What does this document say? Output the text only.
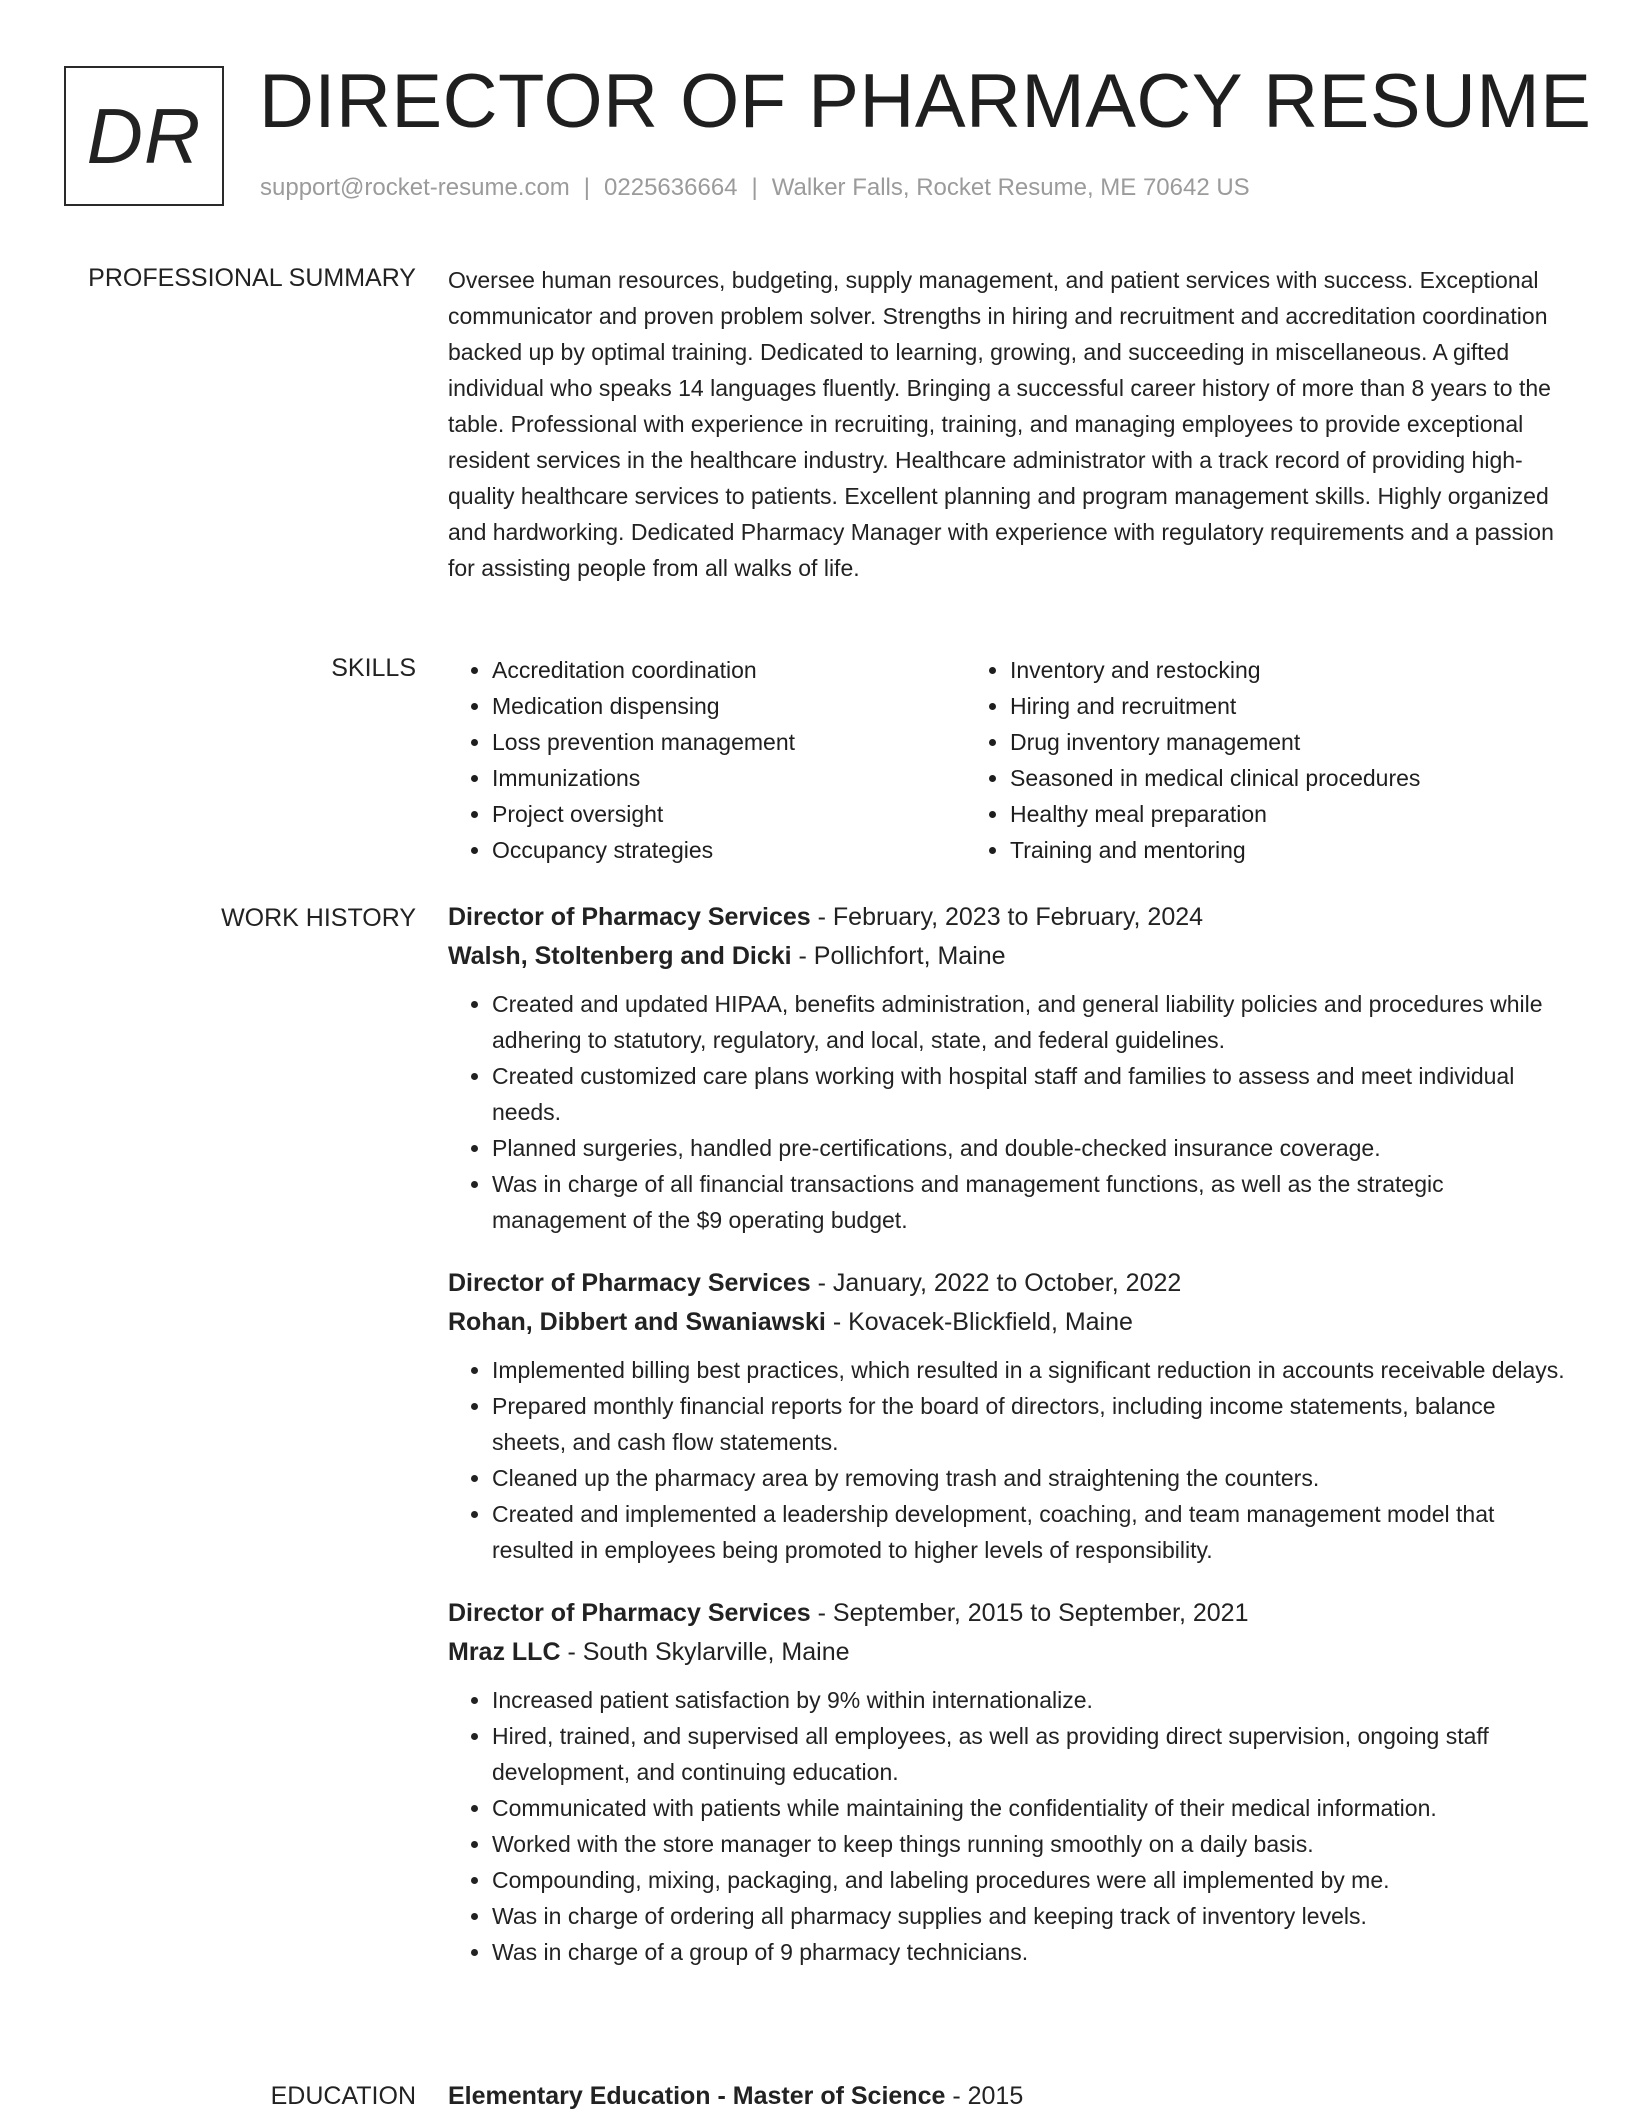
DR DIRECTOR OF PHARMACY RESUME
support@rocket-resume.com | 0225636664 | Walker Falls, Rocket Resume, ME 70642 US
PROFESSIONAL SUMMARY Oversee human resources, budgeting, supply management, and patient services with success. Exceptional communicator and proven problem solver. Strengths in hiring and recruitment and accreditation coordination backed up by optimal training. Dedicated to learning, growing, and succeeding in miscellaneous. A gifted individual who speaks 14 languages fluently. Bringing a successful career history of more than 8 years to the table. Professional with experience in recruiting, training, and managing employees to provide exceptional resident services in the healthcare industry. Healthcare administrator with a track record of providing high-quality healthcare services to patients. Excellent planning and program management skills. Highly organized and hardworking. Dedicated Pharmacy Manager with experience with regulatory requirements and a passion for assisting people from all walks of life.

SKILLS
•	Accreditation coordination
• Medication dispensing
• Loss prevention management
• Immunizations
• Project oversight
• Occupancy strategies
• Inventory and restocking
• Hiring and recruitment
• Drug inventory management
• Seasoned in medical clinical procedures
• Healthy meal preparation
• Training and mentoring
WORK HISTORY Director of Pharmacy Services - February, 2023 to February, 2024
Walsh, Stoltenberg and Dicki - Pollichfort, Maine
• Created and updated HIPAA, benefits administration, and general liability policies and procedures while adhering to statutory, regulatory, and local, state, and federal guidelines.
• Created customized care plans working with hospital staff and families to assess and meet individual needs.
• Planned surgeries, handled pre-certifications, and double-checked insurance coverage.
• Was in charge of all financial transactions and management functions, as well as the strategic management of the $9 operating budget.
Director of Pharmacy Services - January, 2022 to October, 2022
Rohan, Dibbert and Swaniawski - Kovacek-Blickfield, Maine
• Implemented billing best practices, which resulted in a significant reduction in accounts receivable delays.
• Prepared monthly financial reports for the board of directors, including income statements, balance sheets, and cash flow statements.
• Cleaned up the pharmacy area by removing trash and straightening the counters.
• Created and implemented a leadership development, coaching, and team management model that resulted in employees being promoted to higher levels of responsibility.
Director of Pharmacy Services - September, 2015 to September, 2021
Mraz LLC - South Skylarville, Maine
• Increased patient satisfaction by 9% within internationalize.
• Hired, trained, and supervised all employees, as well as providing direct supervision, ongoing staff development, and continuing education.
• Communicated with patients while maintaining the confidentiality of their medical information.
• Worked with the store manager to keep things running smoothly on a daily basis.
• Compounding, mixing, packaging, and labeling procedures were all implemented by me.
• Was in charge of ordering all pharmacy supplies and keeping track of inventory levels.
• Was in charge of a group of 9 pharmacy technicians.
EDUCATION Elementary Education - Master of Science - 2015
